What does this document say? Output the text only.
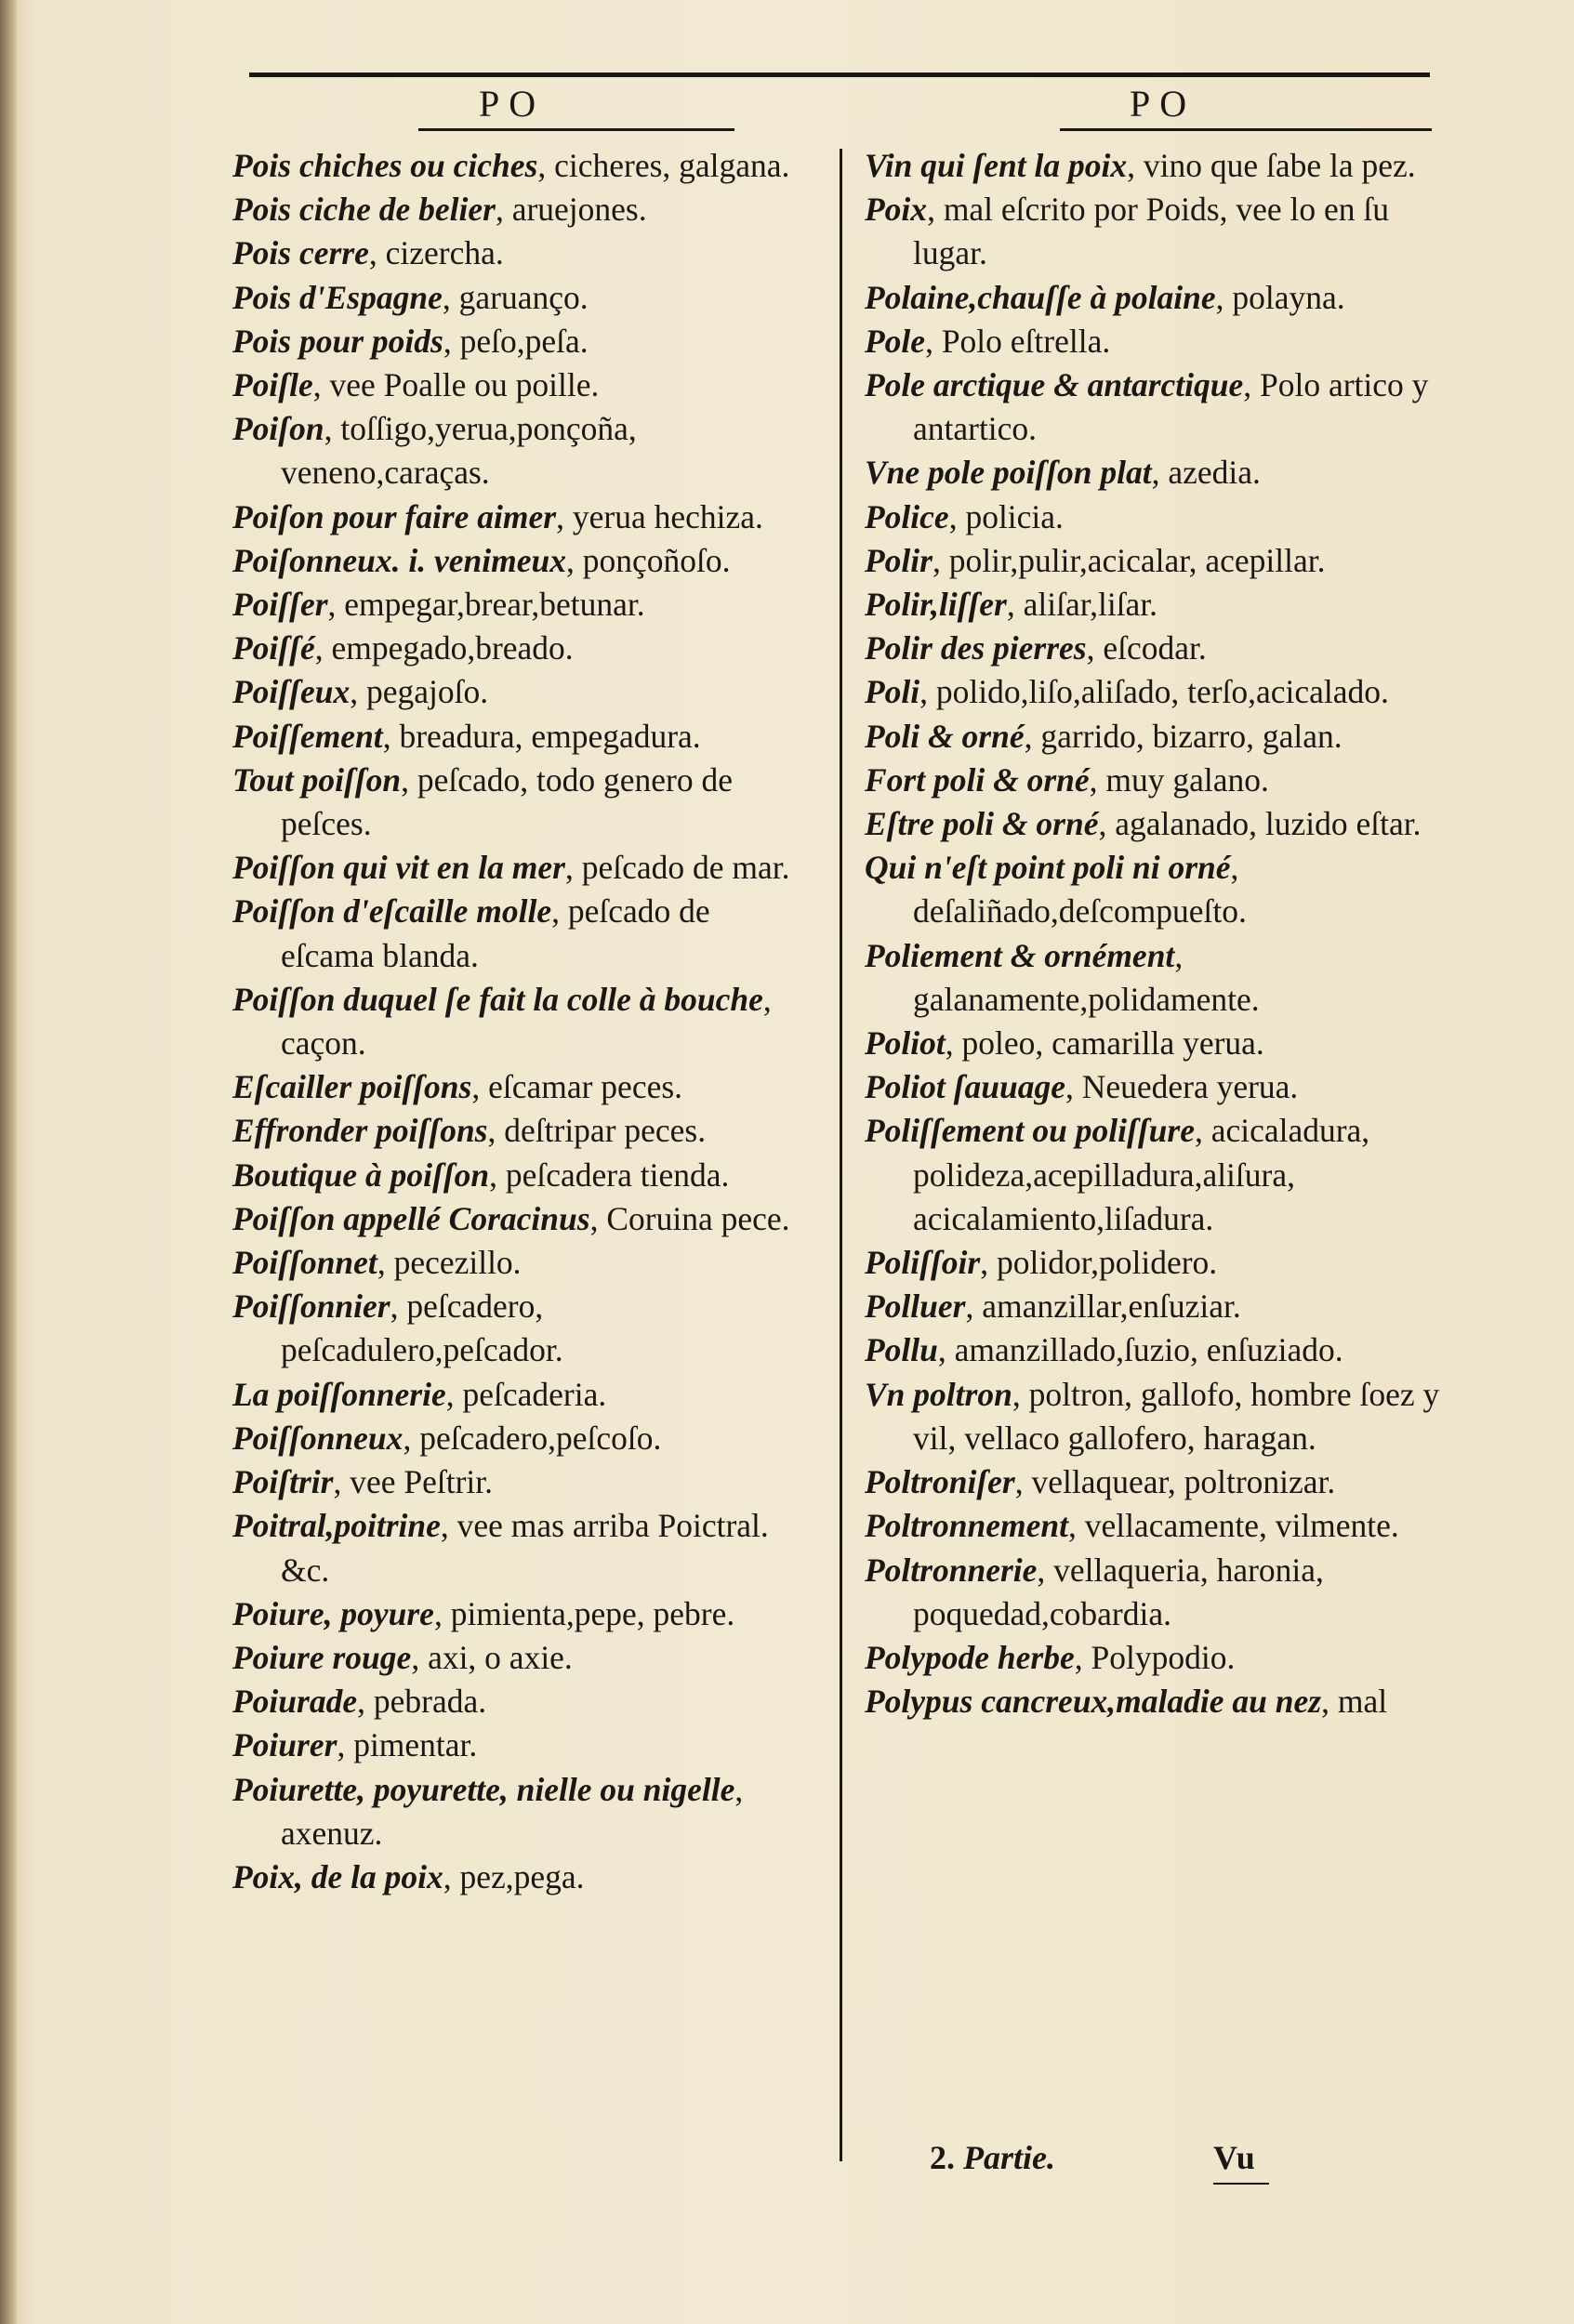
PO	PO
Pois chiches ou ciches, cicheres, galgana.
Pois ciche de belier, aruejones.
Pois cerre, cizercha.
Pois d'Espagne, garuanço.
Pois pour poids, peſo,peſa.
Poiſle, vee Poalle ou poille.
Poiſon, toſſigo,yerua,ponçoña, veneno,caraças.
Poiſon pour faire aimer, yerua hechiza.
Poiſonneux. i. venimeux, ponçoñoſo.
Poiſſer, empegar,brear,betunar.
Poiſſé, empegado,breado.
Poiſſeux, pegajoſo.
Poiſſement, breadura, empegadura.
Tout poiſſon, peſcado, todo genero de peſces.
Poiſſon qui vit en la mer, peſcado de mar.
Poiſſon d'eſcaille molle, peſcado de eſcama blanda.
Poiſſon duquel ſe fait la colle à bouche, caçon.
Eſcailler poiſſons, eſcamar peces.
Effronder poiſſons, deſtripar peces.
Boutique à poiſſon, peſcadera tienda.
Poiſſon appellé Coracinus, Coruina pece.
Poiſſonnet, pecezillo.
Poiſſonnier, peſcadero, peſcadulero,peſcador.
La poiſſonnerie, peſcaderia.
Poiſſonneux, peſcadero,peſcoſo.
Poiſtrir, vee Peſtrir.
Poitral,poitrine, vee mas arriba Poictral. &c.
Poiure, poyure, pimienta,pepe, pebre.
Poiure rouge, axi, o axie.
Poiurade, pebrada.
Poiurer, pimentar.
Poiurette, poyurette, nielle ou nigelle, axenuz.
Poix, de la poix, pez,pega.
Vin qui ſent la poix, vino que ſabe la pez.
Poix, mal eſcrito por Poids, vee lo en ſu lugar.
Polaine,chauſſe à polaine, polayna.
Pole, Polo eſtrella.
Pole arctique & antarctique, Polo artico y antartico.
Vne pole poiſſon plat, azedia.
Police, policia.
Polir, polir,pulir,acicalar, acepillar.
Polir,liſſer, aliſar,liſar.
Polir des pierres, eſcodar.
Poli, polido,liſo,aliſado, terſo,acicalado.
Poli & orné, garrido, bizarro, galan.
Fort poli & orné, muy galano.
Eſtre poli & orné, agalanado, luzido eſtar.
Qui n'eſt point poli ni orné, deſaliñado,deſcompueſto.
Poliement & ornément, galanamente,polidamente.
Poliot, poleo, camarilla yerua.
Poliot ſauuage, Neuedera yerua.
Poliſſement ou poliſſure, acicaladura, polideza,acepilladura,aliſura, acicalamiento,liſadura.
Poliſſoir, polidor,polidero.
Polluer, amanzillar,enſuziar.
Pollu, amanzillado,ſuzio, enſuziado.
Vn poltron, poltron, gallofo, hombre ſoez y vil, vellaco gallofero, haragan.
Poltroniſer, vellaquear, poltronizar.
Poltronnement, vellacamente, vilmente.
Poltronnerie, vellaqueria, haronia, poquedad,cobardia.
Polypode herbe, Polypodio.
Polypus cancreux,maladie au nez, mal
2. Partie.	Vu
